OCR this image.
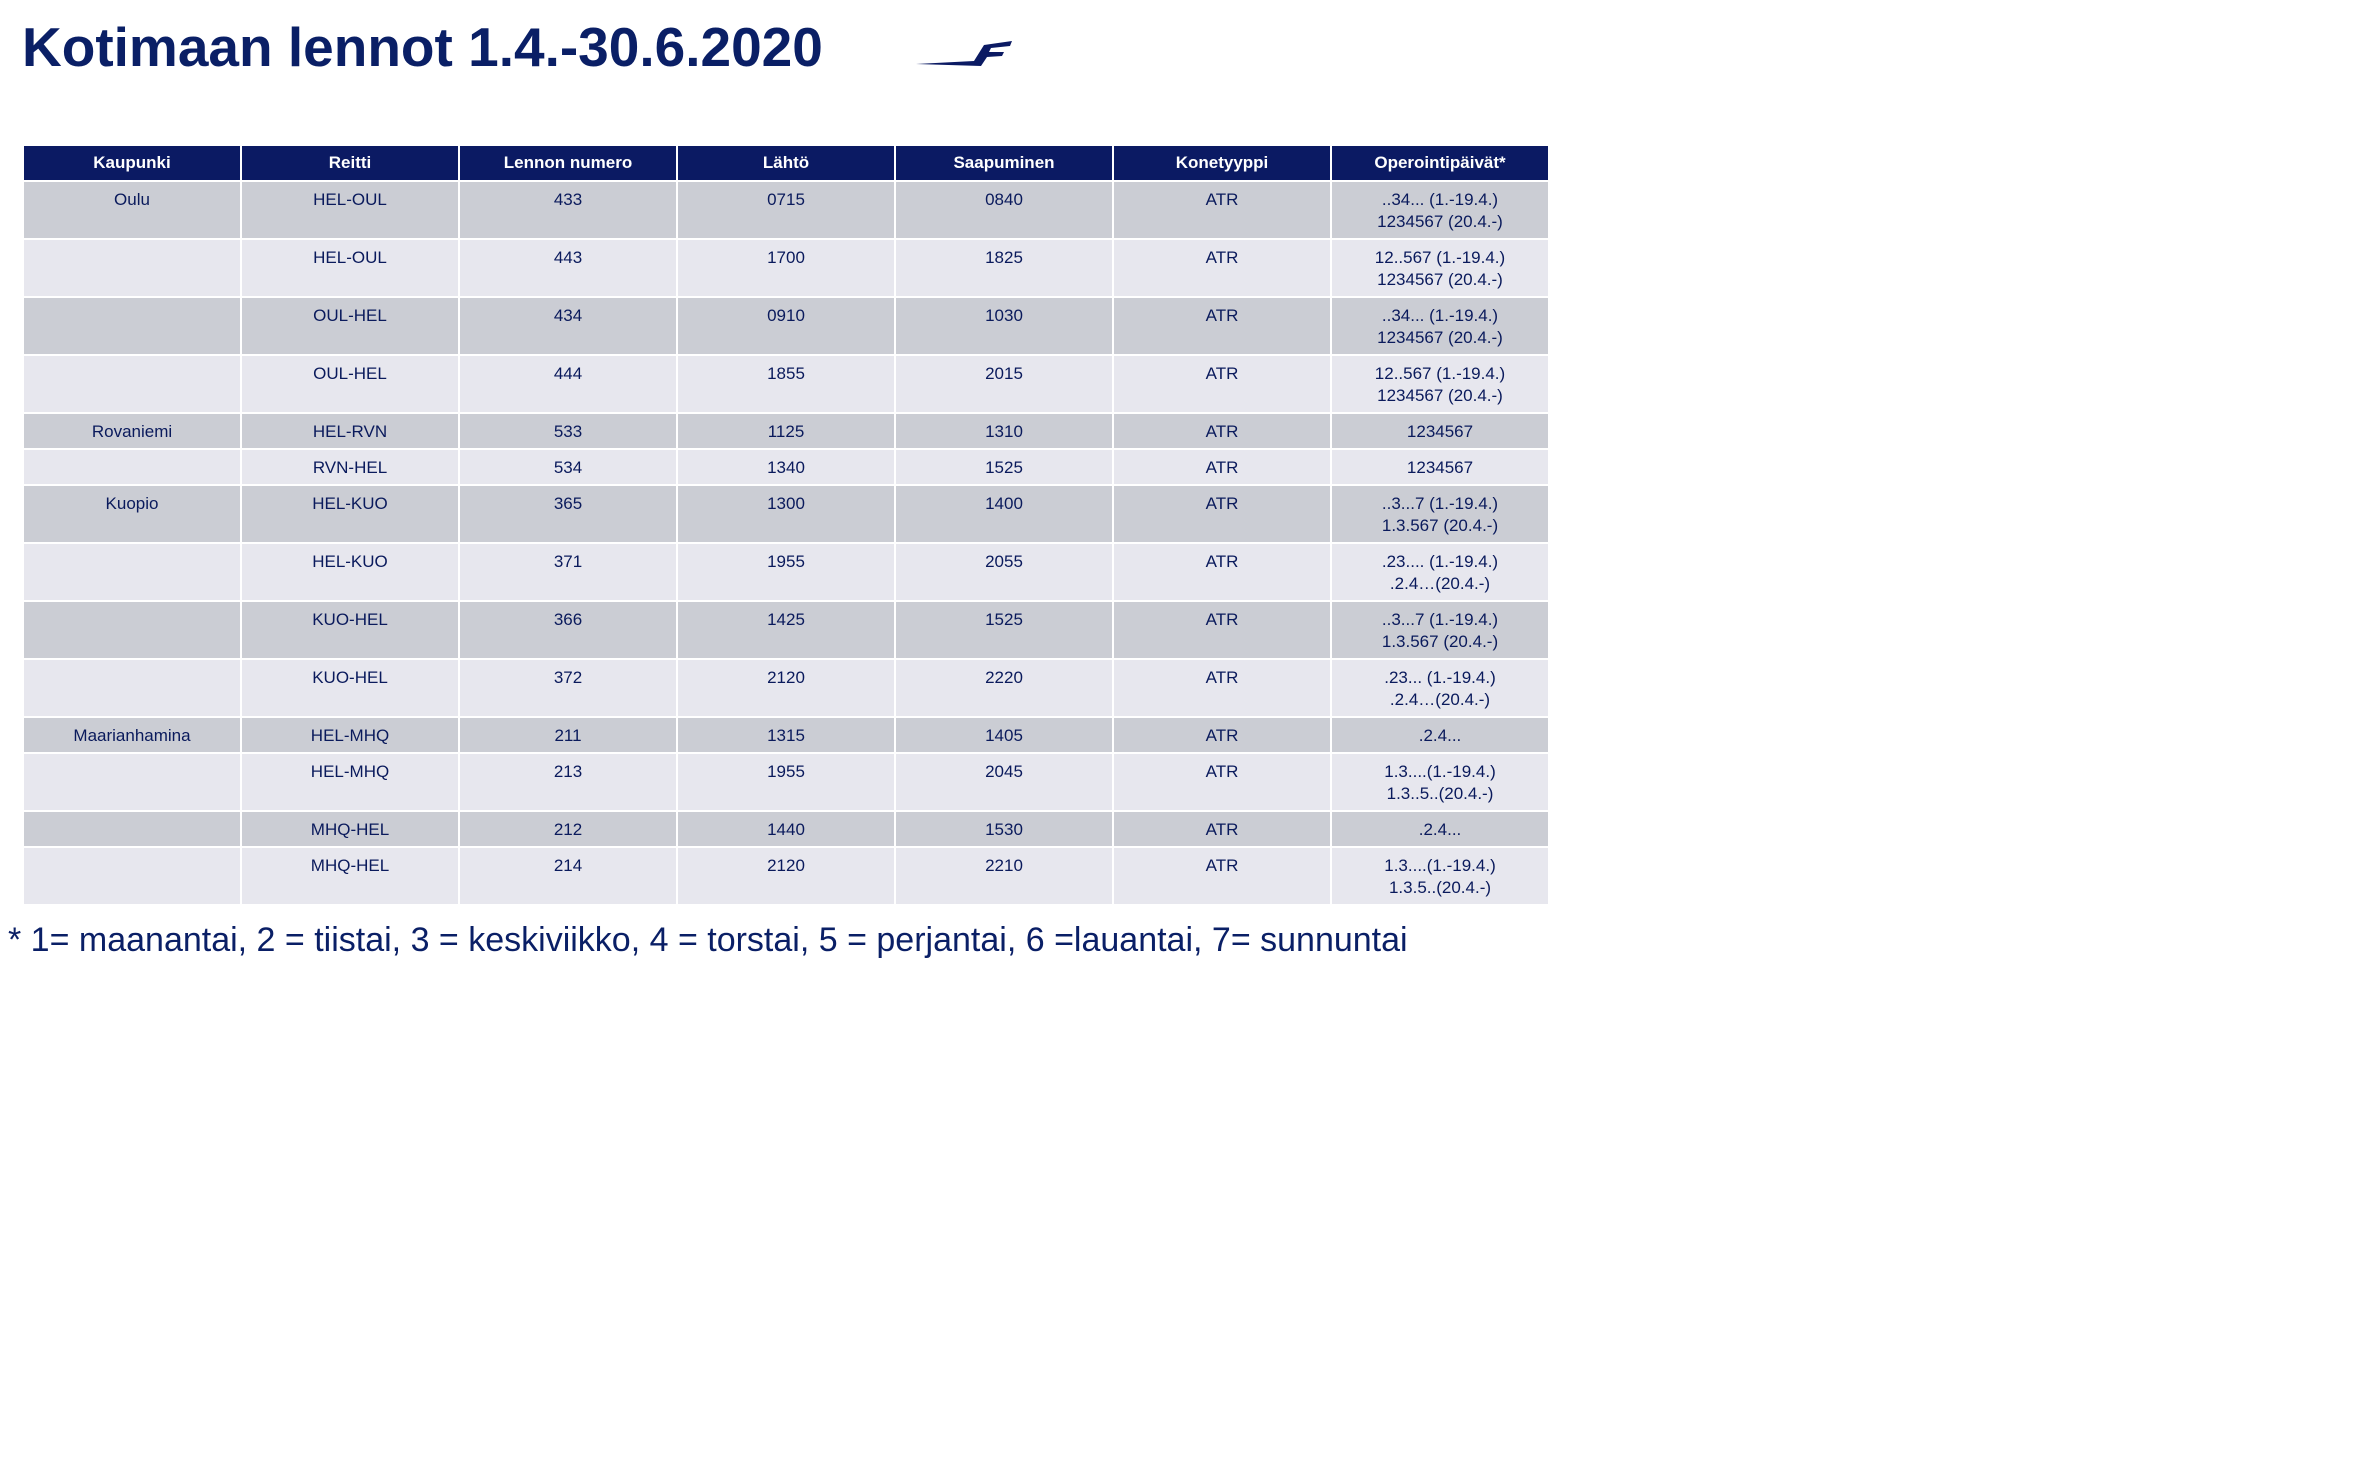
Kotimaan lennot 1.4.-30.6.2020
Kaupunki	Reitti	Lennon numero	Lähtö	Saapuminen	Konetyyppi	Operointipäivät*
Oulu	HEL-OUL	433	0715	0840	ATR	..34... (1.-19.4.)
1234567 (20.4.-)

	HEL-OUL	443	1700	1825	ATR	12..567 (1.-19.4.)
1234567 (20.4.-)

	OUL-HEL	434	0910	1030	ATR	..34... (1.-19.4.)
1234567 (20.4.-)

	OUL-HEL	444	1855	2015	ATR	12..567 (1.-19.4.)
1234567 (20.4.-)

Rovaniemi	HEL-RVN	533	1125	1310	ATR	1234567

	RVN-HEL	534	1340	1525	ATR	1234567

Kuopio	HEL-KUO	365	1300	1400	ATR	..3...7 (1.-19.4.)
1.3.567 (20.4.-)

	HEL-KUO	371	1955	2055	ATR	.23.... (1.-19.4.)
.2.4…(20.4.-)

	KUO-HEL	366	1425	1525	ATR	..3...7 (1.-19.4.)
1.3.567 (20.4.-)

	KUO-HEL	372	2120	2220	ATR	.23... (1.-19.4.)
.2.4…(20.4.-)

Maarianhamina	HEL-MHQ	211	1315	1405	ATR	.2.4...

	HEL-MHQ	213	1955	2045	ATR	1.3....(1.-19.4.)
1.3..5..(20.4.-)

	MHQ-HEL	212	1440	1530	ATR	.2.4...

	MHQ-HEL	214	2120	2210	ATR	1.3....(1.-19.4.)
1.3.5..(20.4.-)
* 1= maanantai, 2 = tiistai, 3 = keskiviikko, 4 = torstai, 5 = perjantai, 6 =lauantai, 7= sunnuntai
